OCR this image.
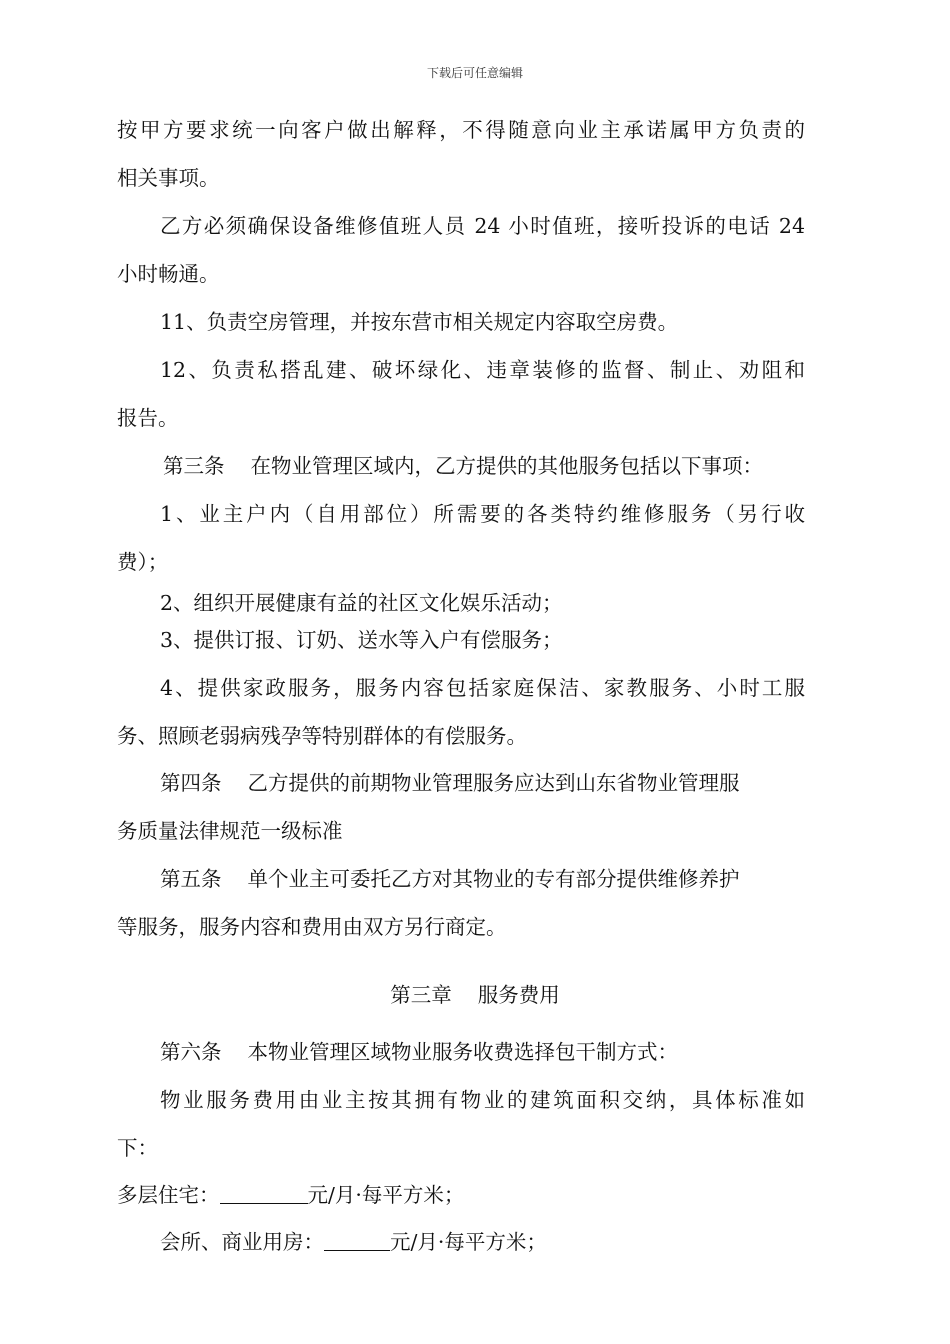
下载后可任意编辑
按甲方要求统一向客户做出解释，不得随意向业主承诺属甲方负责的
相关事项。
乙方必须确保设备维修值班人员 24 小时值班，接听投诉的电话 24
小时畅通。
11、负责空房管理，并按东营市相关规定内容取空房费。
12、负责私搭乱建、破坏绿化、违章装修的监督、制止、劝阻和
报告。
第三条 在物业管理区域内，乙方提供的其他服务包括以下事项：
1、业主户内（自用部位）所需要的各类特约维修服务（另行收
费）；
2、组织开展健康有益的社区文化娱乐活动；
3、提供订报、订奶、送水等入户有偿服务；
4、提供家政服务，服务内容包括家庭保洁、家教服务、小时工服
务、照顾老弱病残孕等特别群体的有偿服务。
第四条 乙方提供的前期物业管理服务应达到山东省物业管理服
务质量法律规范一级标准
第五条 单个业主可委托乙方对其物业的专有部分提供维修养护
等服务，服务内容和费用由双方另行商定。
第三章 服务费用
第六条 本物业管理区域物业服务收费选择包干制方式：
物业服务费用由业主按其拥有物业的建筑面积交纳，具体标准如
下：
多层住宅：	元/月·每平方米；
会所、商业用房：	元/月·每平方米；
